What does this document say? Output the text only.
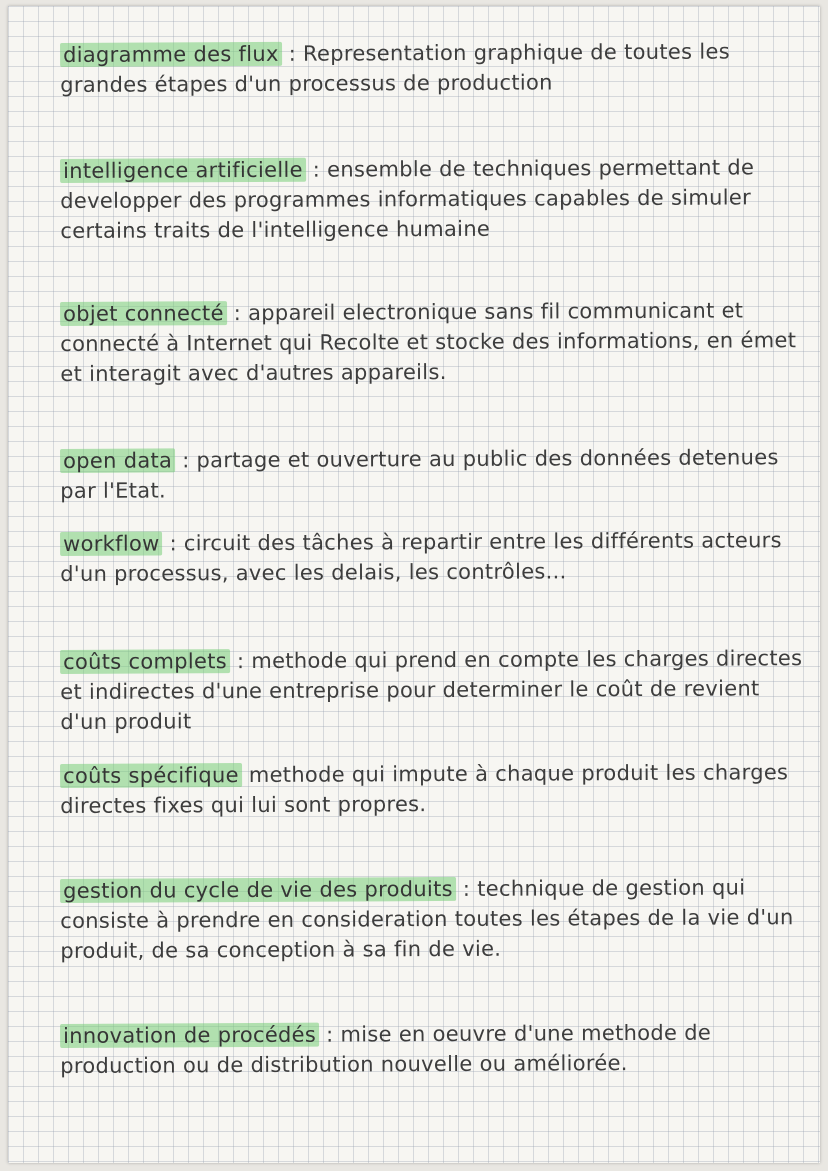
diagramme des flux : Representation graphique de toutes les grandes étapes d'un processus de production
intelligence artificielle : ensemble de techniques permettant de developper des programmes informatiques capables de simuler certains traits de l'intelligence humaine
objet connecté : appareil electronique sans fil communicant et connecté à Internet qui Recolte et stocke des informations, en émet et interagit avec d'autres appareils.
open data : partage et ouverture au public des données detenues par l'Etat.
workflow : circuit des tâches à repartir entre les différents acteurs d'un processus, avec les delais, les contrôles...
coûts complets : methode qui prend en compte les charges directes et indirectes d'une entreprise pour determiner le coût de revient d'un produit
coûts spécifique methode qui impute à chaque produit les charges directes fixes qui lui sont propres.
gestion du cycle de vie des produits : technique de gestion qui consiste à prendre en consideration toutes les étapes de la vie d'un produit, de sa conception à sa fin de vie.
innovation de procédés : mise en oeuvre d'une methode de production ou de distribution nouvelle ou améliorée.
